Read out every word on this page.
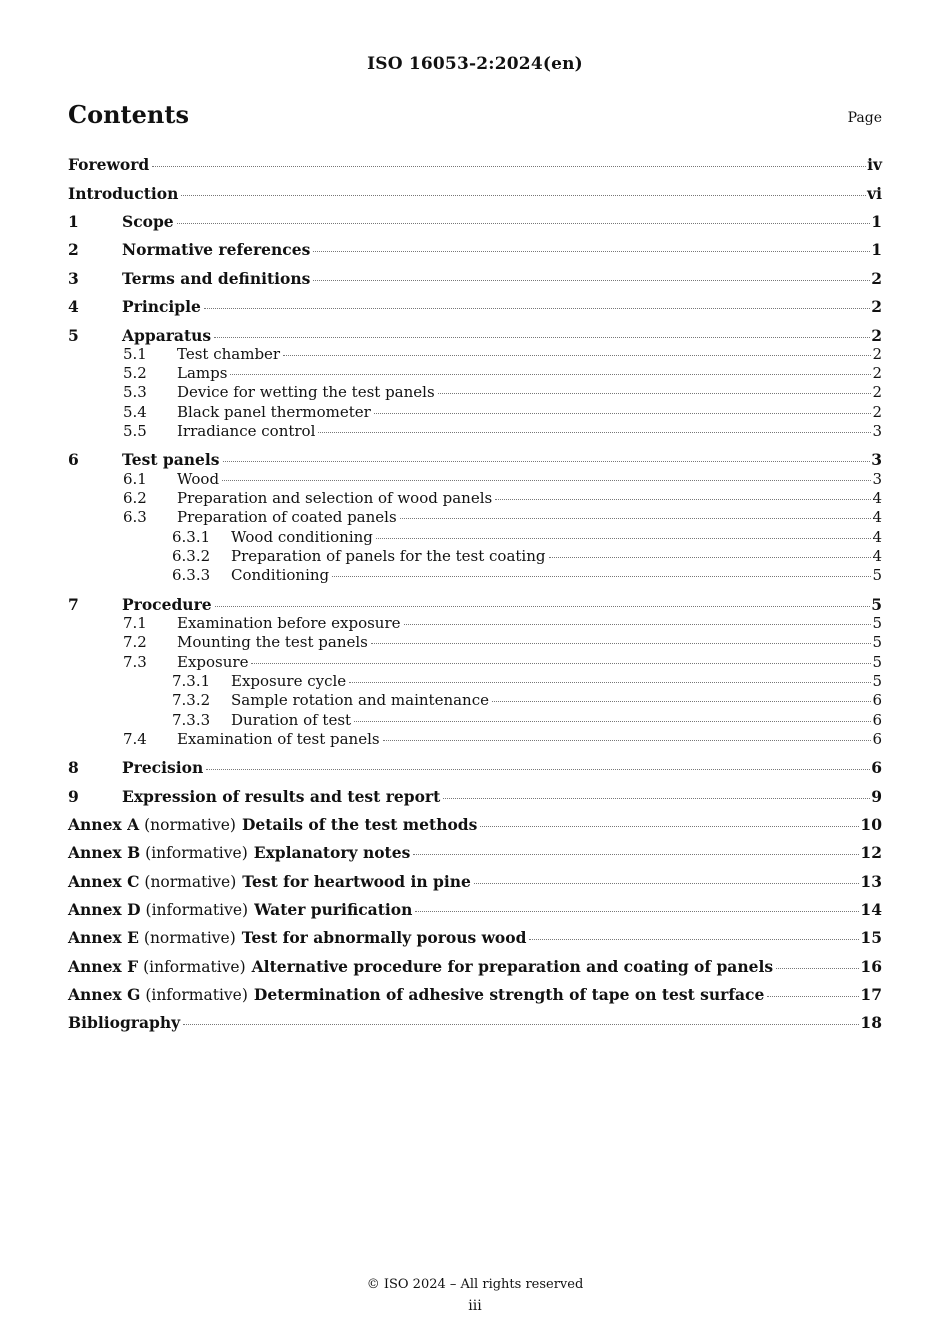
ISO 16053-2:2024(en)
Contents	Page
Foreword	iv
Introduction	vi
1	Scope	1
2	Normative references	1
3	Terms and definitions	2
4	Principle	2
5	Apparatus	2
5.1	Test chamber	2
5.2	Lamps	2
5.3	Device for wetting the test panels	2
5.4	Black panel thermometer	2
5.5	Irradiance control	3
6	Test panels	3
6.1	Wood	3
6.2	Preparation and selection of wood panels	4
6.3	Preparation of coated panels	4
6.3.1	Wood conditioning	4
6.3.2	Preparation of panels for the test coating	4
6.3.3	Conditioning	5
7	Procedure	5
7.1	Examination before exposure	5
7.2	Mounting the test panels	5
7.3	Exposure	5
7.3.1	Exposure cycle	5
7.3.2	Sample rotation and maintenance	6
7.3.3	Duration of test	6
7.4	Examination of test panels	6
8	Precision	6
9	Expression of results and test report	9
Annex A (normative) Details of the test methods	10
Annex B (informative) Explanatory notes	12
Annex C (normative) Test for heartwood in pine	13
Annex D (informative) Water purification	14
Annex E (normative) Test for abnormally porous wood	15
Annex F (informative) Alternative procedure for preparation and coating of panels	16
Annex G (informative) Determination of adhesive strength of tape on test surface	17
Bibliography	18
© ISO 2024 – All rights reserved
iii
